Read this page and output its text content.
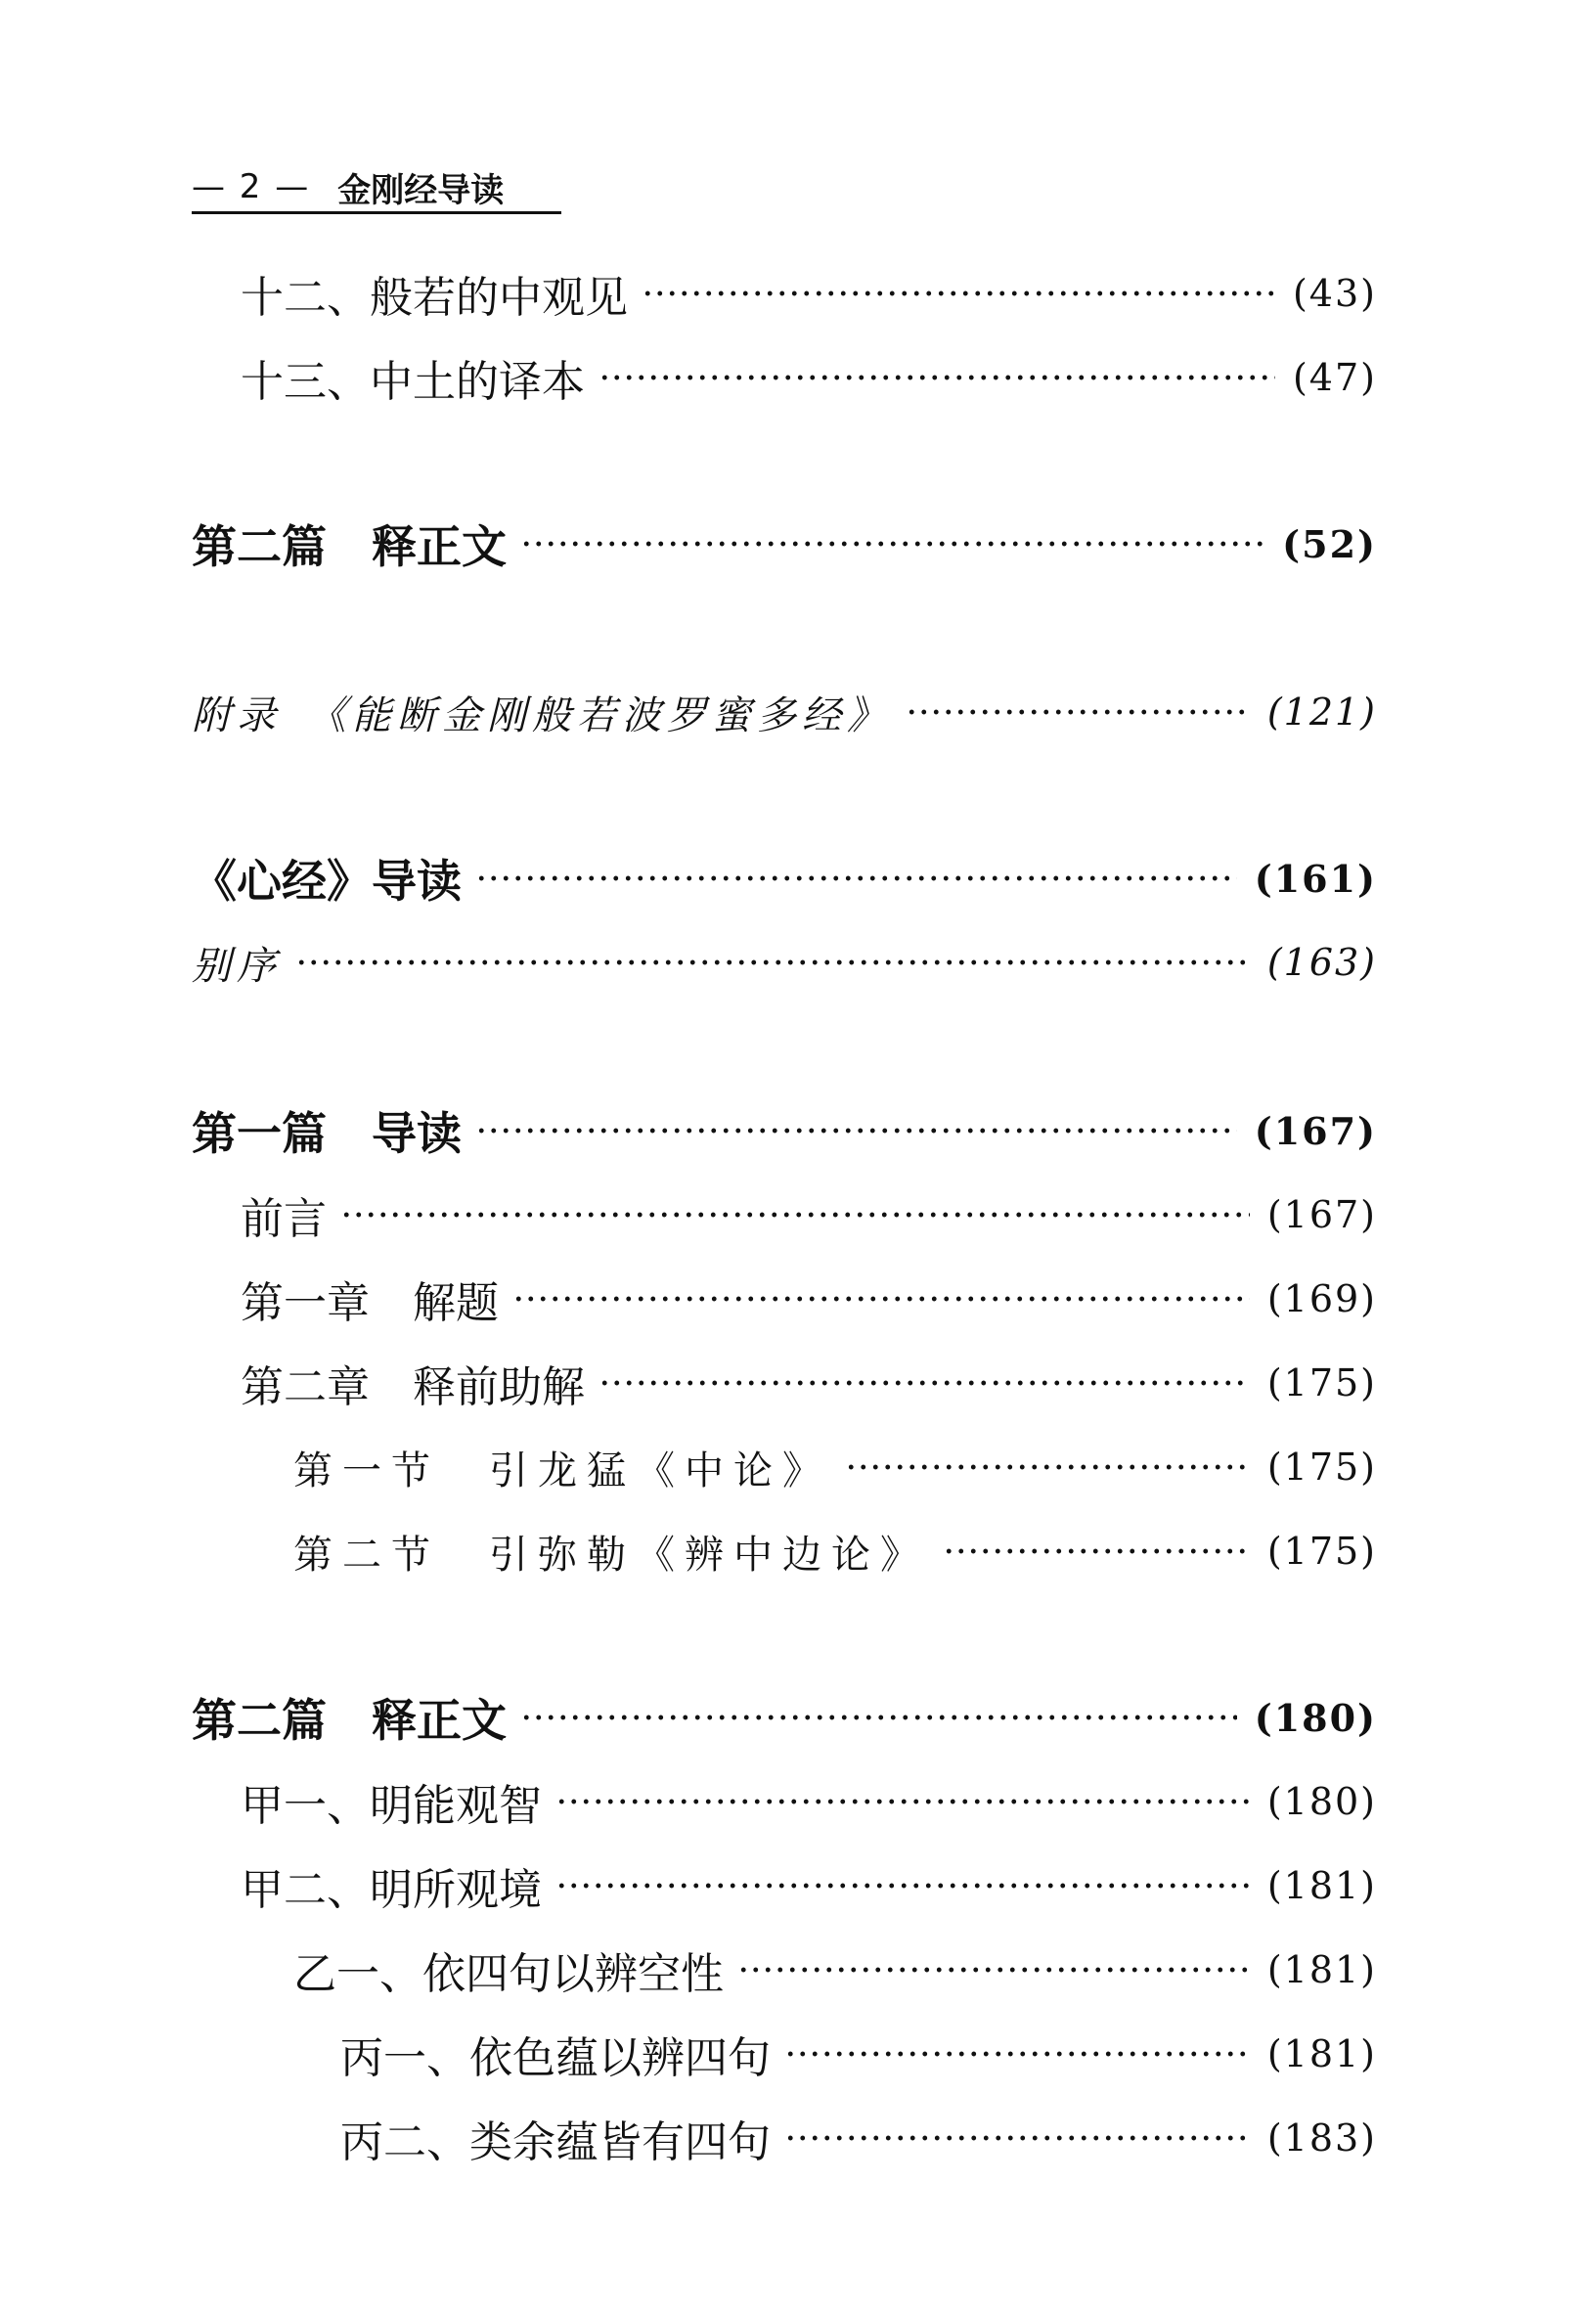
— 2 — 金刚经导读
十二、般若的中观见	(43)
十三、中土的译本	(47)
第二篇　释正文	(52)
附录　《能断金刚般若波罗蜜多经》	(121)
《心经》导读	(161)
别序	(163)
第一篇　导读	(167)
前言	(167)
第一章　解题	(169)
第二章　释前助解	(175)
第一节　引龙猛《中论》	(175)
第二节　引弥勒《辨中边论》	(175)
第二篇　释正文	(180)
甲一、明能观智	(180)
甲二、明所观境	(181)
乙一、依四句以辨空性	(181)
丙一、依色蕴以辨四句	(181)
丙二、类余蕴皆有四句	(183)
